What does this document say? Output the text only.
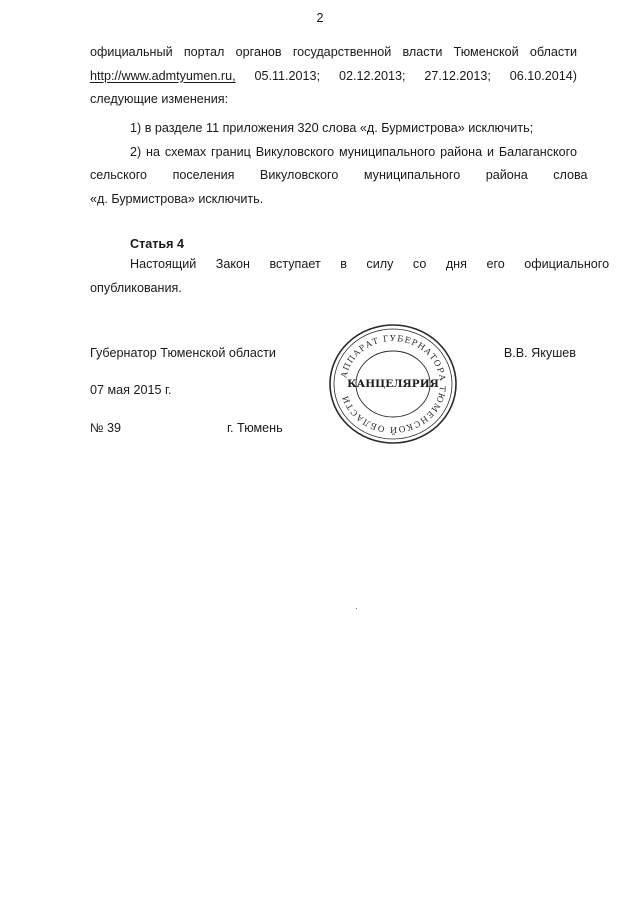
2
официальный портал органов государственной власти Тюменской области
http://www.admtyumen.ru, 05.11.2013; 02.12.2013; 27.12.2013; 06.10.2014)
следующие изменения:
1) в разделе 11 приложения 320 слова «д. Бурмистрова» исключить;
2) на схемах границ Викуловского муниципального района и Балаганского
сельского поселения Викуловского муниципального района слова
«д. Бурмистрова» исключить.
Статья 4
Настоящий Закон вступает в силу со дня его официального
опубликования.
Губернатор Тюменской области	В.В. Якушев
07 мая 2015 г.
№ 39	г. Тюмень
АППАРАТ ГУБЕРНАТОРА ТЮМЕНСКОЙ ОБЛАСТИ
КАНЦЕЛЯРИЯ
